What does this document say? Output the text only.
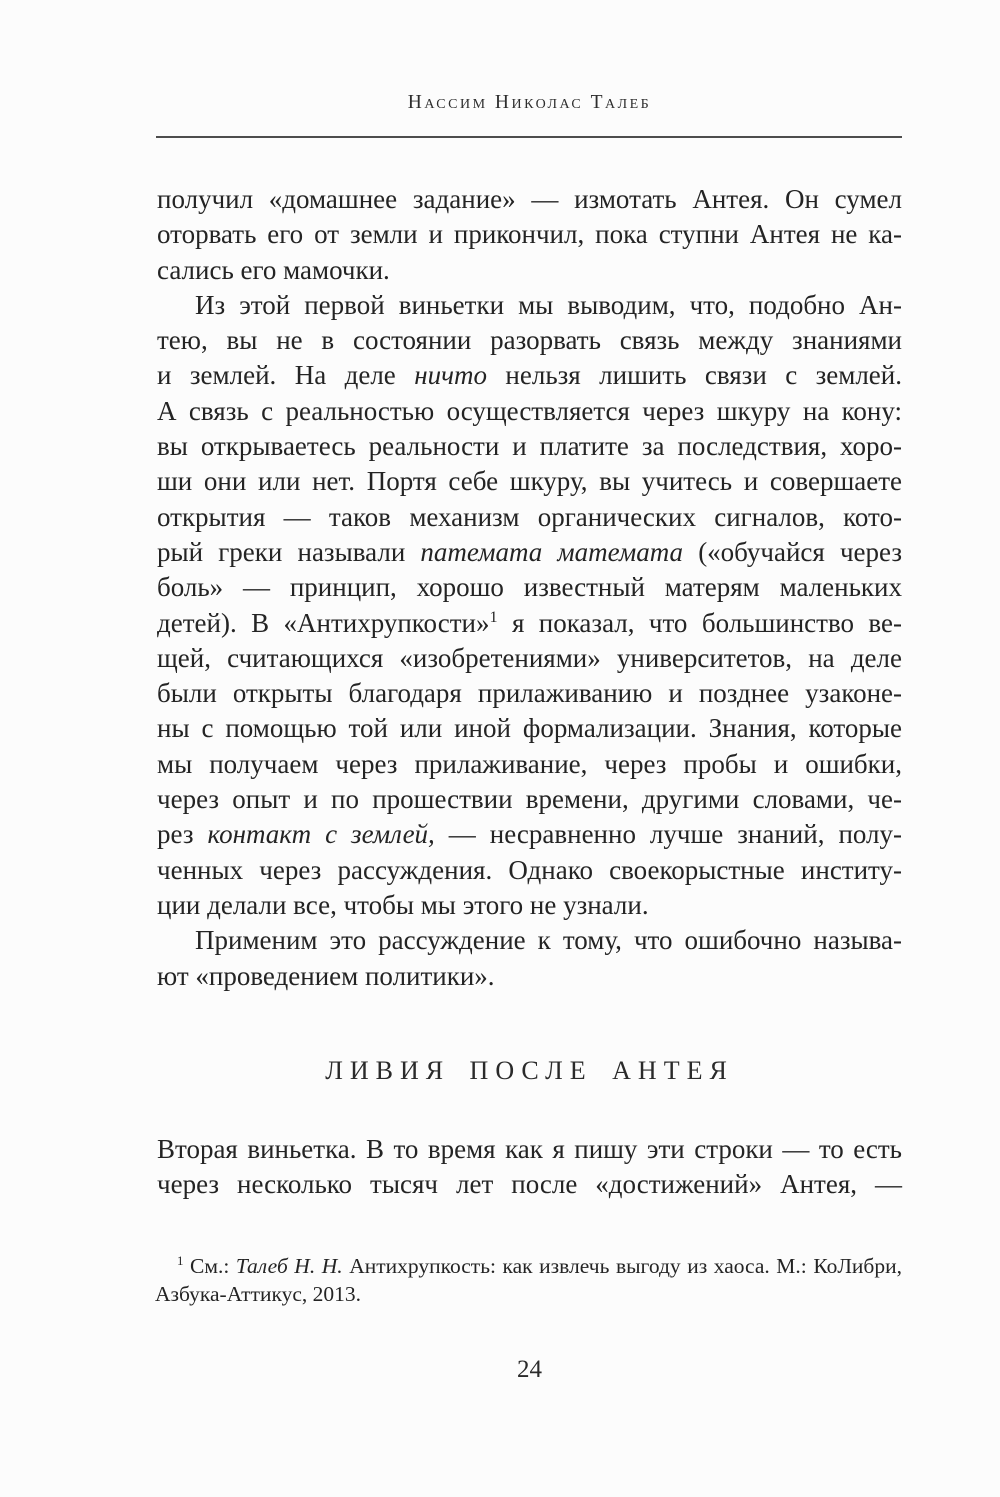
Нассим Николас Талеб
получил «домашнее задание» — измотать Антея. Он сумел
оторвать его от земли и прикончил, пока ступни Антея не ка-
сались его мамочки.
Из этой первой виньетки мы выводим, что, подобно Ан-
тею, вы не в состоянии разорвать связь между знаниями
и землей. На деле ничто нельзя лишить связи с землей.
А связь с реальностью осуществляется через шкуру на кону:
вы открываетесь реальности и платите за последствия, хоро-
ши они или нет. Портя себе шкуру, вы учитесь и совершаете
открытия — таков механизм органических сигналов, кото-
рый греки называли патемата математа («обучайся через
боль» — принцип, хорошо известный матерям маленьких
детей). В «Антихрупкости»$^1$ я показал, что большинство ве-
щей, считающихся «изобретениями» университетов, на деле
были открыты благодаря прилаживанию и позднее узаконе-
ны с помощью той или иной формализации. Знания, которые
мы получаем через прилаживание, через пробы и ошибки,
через опыт и по прошествии времени, другими словами, че-
рез контакт с землей, — несравненно лучше знаний, полу-
ченных через рассуждения. Однако своекорыстные институ-
ции делали все, чтобы мы этого не узнали.
Применим это рассуждение к тому, что ошибочно называ-
ют «проведением политики».
ЛИВИЯ ПОСЛЕ АНТЕЯ
Вторая виньетка. В то время как я пишу эти строки — то есть
через несколько тысяч лет после «достижений» Антея, —
$^1$ См.: Талеб Н. Н. Антихрупкость: как извлечь выгоду из хаоса. М.: КоЛибри,
Азбука-Аттикус, 2013.
24
